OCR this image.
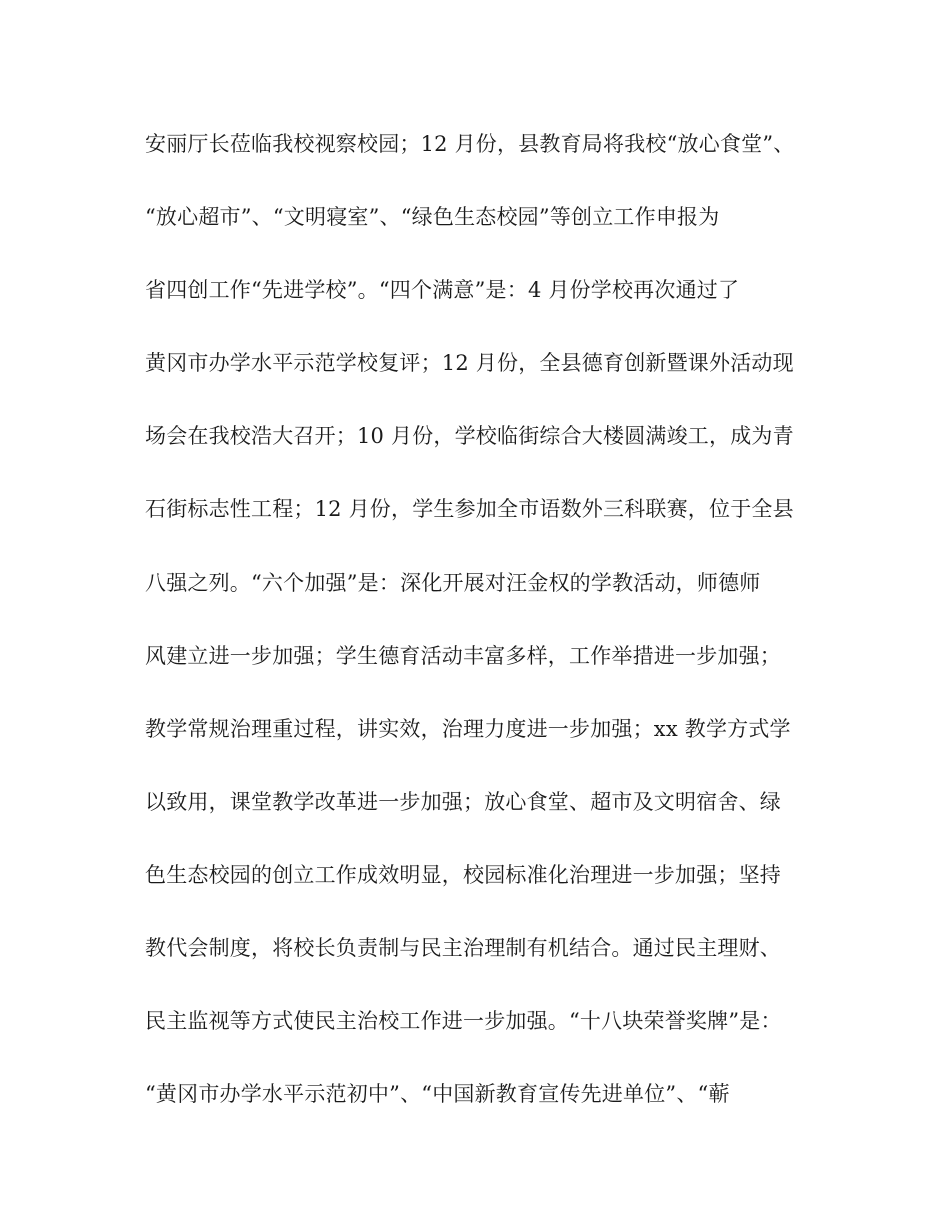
安丽厅长莅临我校视察校园；12 月份，县教育局将我校“放心食堂”、
“放心超市”、“文明寝室”、“绿色生态校园”等创立工作申报为
省四创工作“先进学校”。“四个满意”是：4 月份学校再次通过了
黄冈市办学水平示范学校复评；12 月份，全县德育创新暨课外活动现
场会在我校浩大召开；10 月份，学校临街综合大楼圆满竣工，成为青
石街标志性工程；12 月份，学生参加全市语数外三科联赛，位于全县
八强之列。“六个加强”是：深化开展对汪金权的学教活动，师德师
风建立进一步加强；学生德育活动丰富多样，工作举措进一步加强；
教学常规治理重过程，讲实效，治理力度进一步加强；xx 教学方式学
以致用，课堂教学改革进一步加强；放心食堂、超市及文明宿舍、绿
色生态校园的创立工作成效明显，校园标准化治理进一步加强；坚持
教代会制度，将校长负责制与民主治理制有机结合。通过民主理财、
民主监视等方式使民主治校工作进一步加强。“十八块荣誉奖牌”是：
“黄冈市办学水平示范初中”、“中国新教育宣传先进单位”、“蕲
